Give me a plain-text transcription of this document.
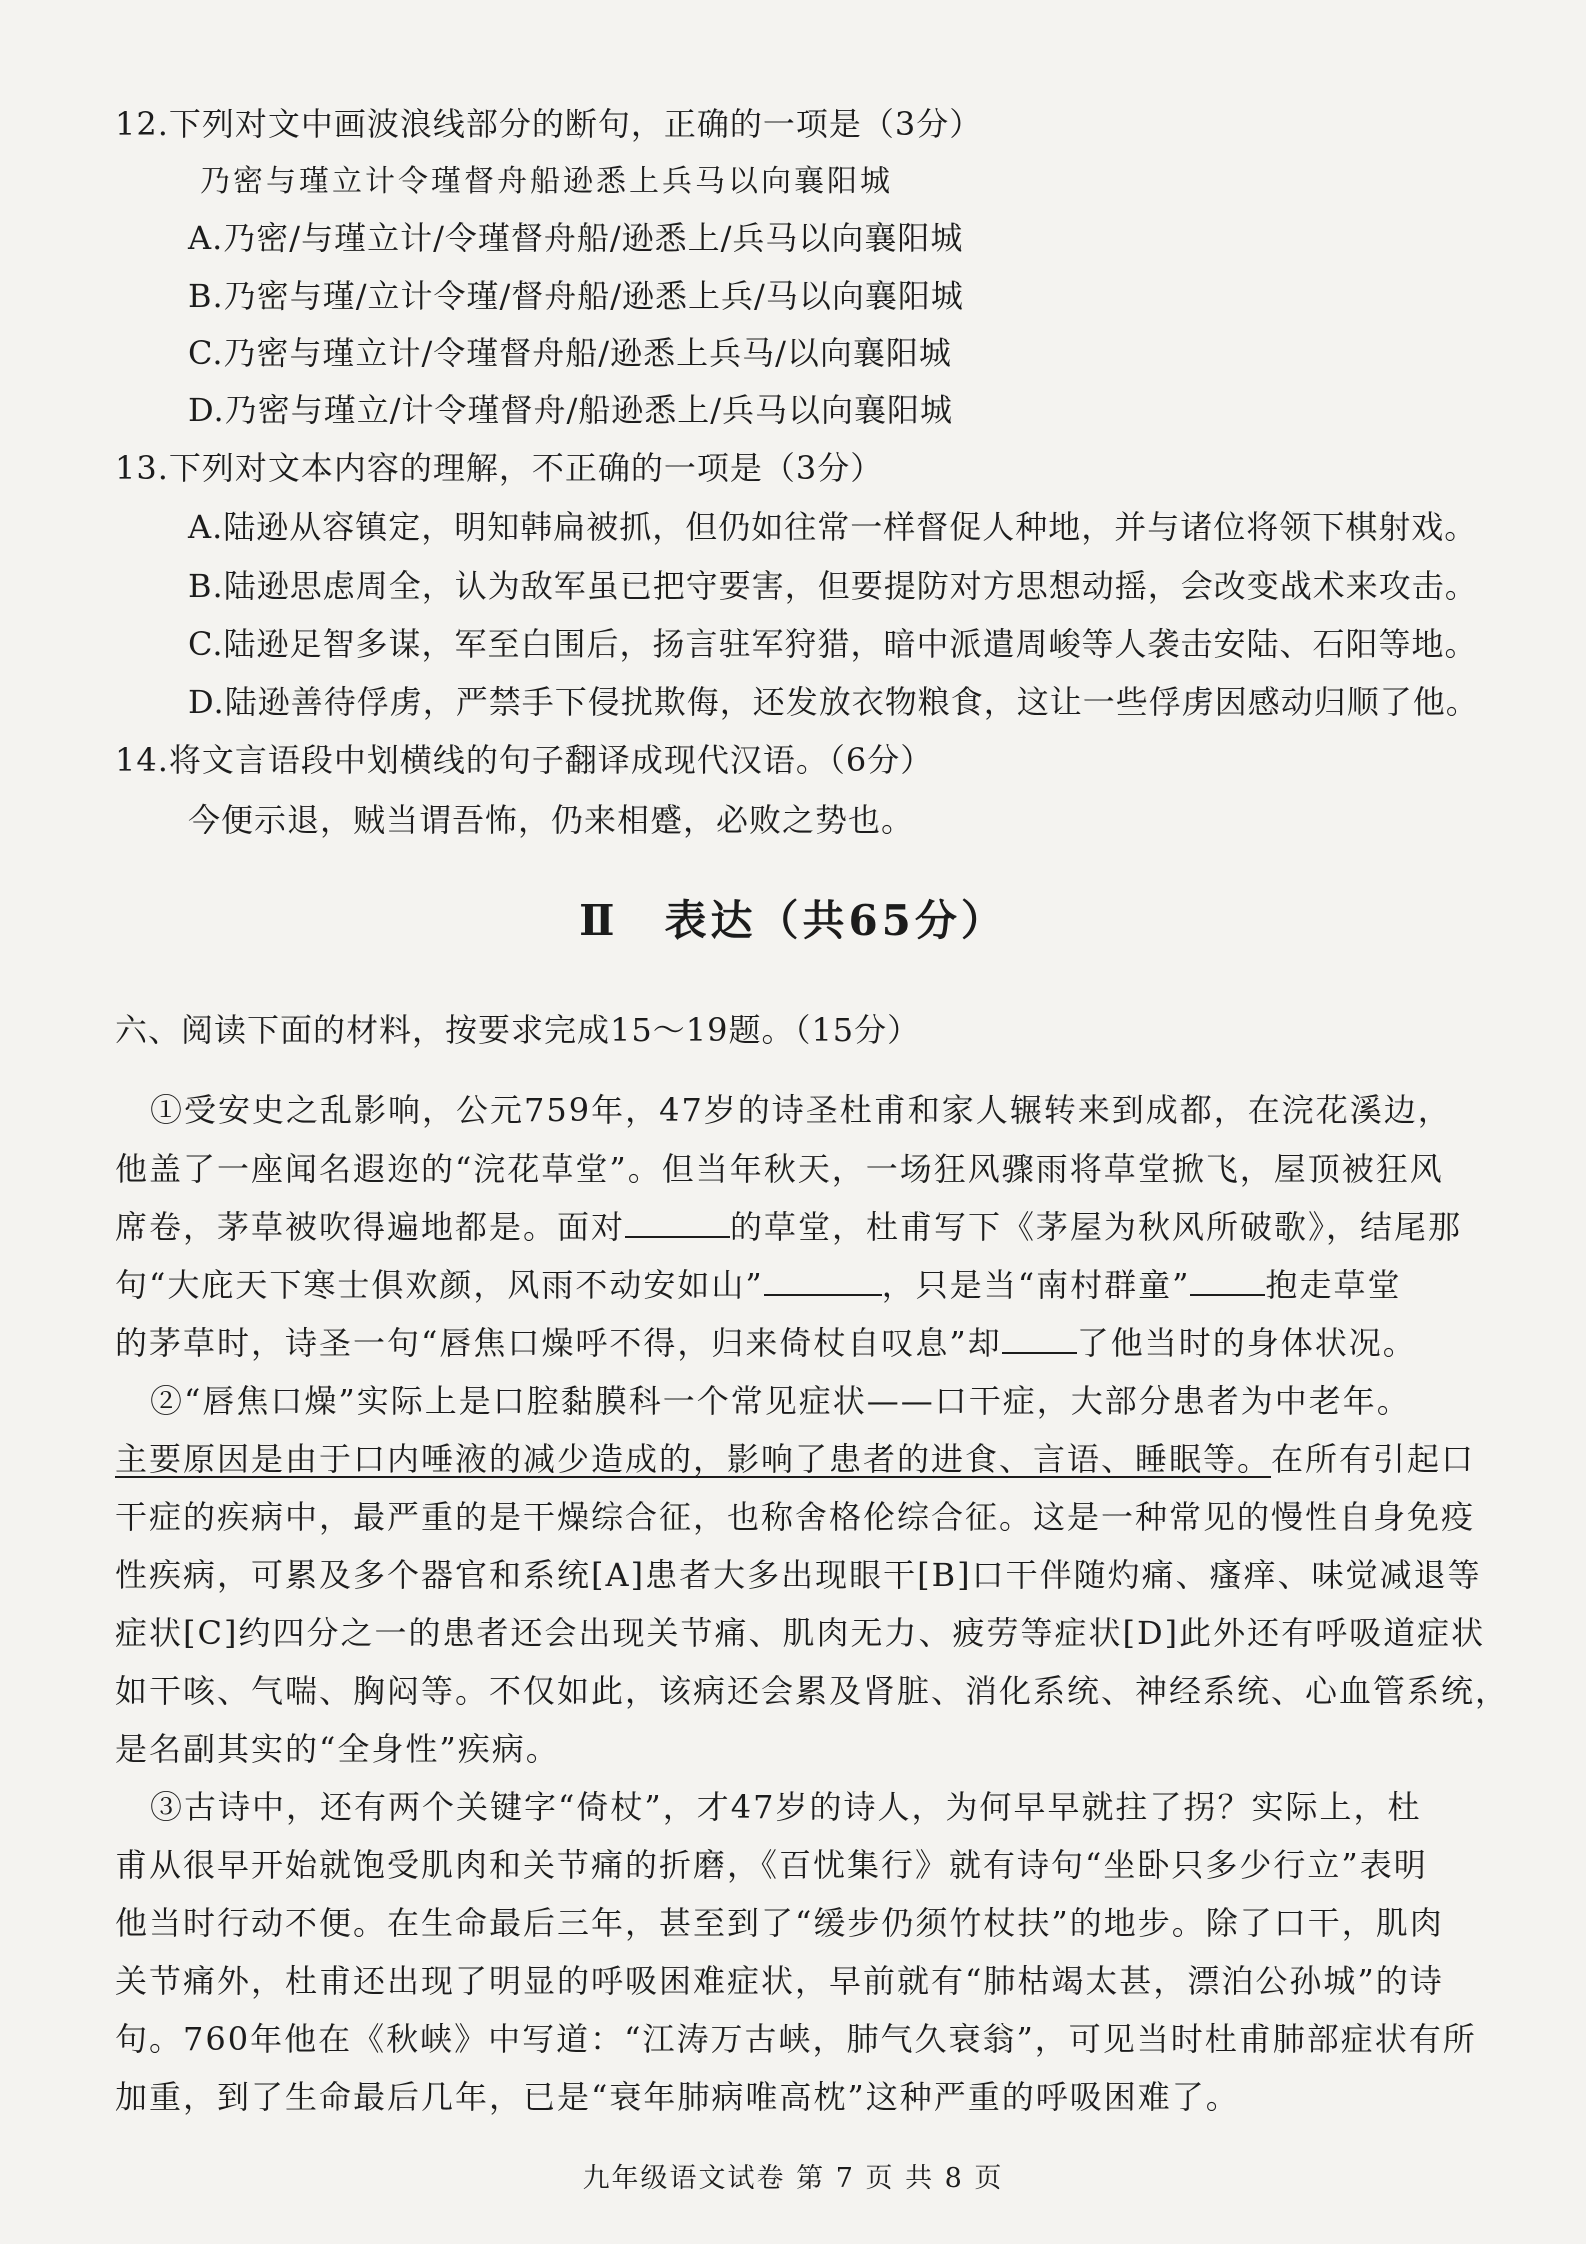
12.下列对文中画波浪线部分的断句，正确的一项是（3分）
乃密与瑾立计令瑾督舟船逊悉上兵马以向襄阳城
A.乃密/与瑾立计/令瑾督舟船/逊悉上/兵马以向襄阳城
B.乃密与瑾/立计令瑾/督舟船/逊悉上兵/马以向襄阳城
C.乃密与瑾立计/令瑾督舟船/逊悉上兵马/以向襄阳城
D.乃密与瑾立/计令瑾督舟/船逊悉上/兵马以向襄阳城
13.下列对文本内容的理解，不正确的一项是（3分）
A.陆逊从容镇定，明知韩扁被抓，但仍如往常一样督促人种地，并与诸位将领下棋射戏。
B.陆逊思虑周全，认为敌军虽已把守要害，但要提防对方思想动摇，会改变战术来攻击。
C.陆逊足智多谋，军至白围后，扬言驻军狩猎，暗中派遣周峻等人袭击安陆、石阳等地。
D.陆逊善待俘虏，严禁手下侵扰欺侮，还发放衣物粮食，这让一些俘虏因感动归顺了他。
14.将文言语段中划横线的句子翻译成现代汉语。（6分）
今便示退，贼当谓吾怖，仍来相蹙，必败之势也。
Ⅱ　表达（共65分）
六、阅读下面的材料，按要求完成15～19题。（15分）
①受安史之乱影响，公元759年，47岁的诗圣杜甫和家人辗转来到成都，在浣花溪边，
他盖了一座闻名遐迩的“浣花草堂”。但当年秋天，一场狂风骤雨将草堂掀飞，屋顶被狂风
席卷，茅草被吹得遍地都是。面对	的草堂，杜甫写下《茅屋为秋风所破歌》，结尾那
句“大庇天下寒士俱欢颜，风雨不动安如山”	，只是当“南村群童” 抱走草堂
的茅草时，诗圣一句“唇焦口燥呼不得，归来倚杖自叹息”却 了他当时的身体状况。
②“唇焦口燥”实际上是口腔黏膜科一个常见症状——口干症，大部分患者为中老年。
主要原因是由于口内唾液的减少造成的，影响了患者的进食、言语、睡眠等。在所有引起口
干症的疾病中，最严重的是干燥综合征，也称舍格伦综合征。这是一种常见的慢性自身免疫
性疾病，可累及多个器官和系统[A]患者大多出现眼干[B]口干伴随灼痛、瘙痒、味觉减退等
症状[C]约四分之一的患者还会出现关节痛、肌肉无力、疲劳等症状[D]此外还有呼吸道症状
如干咳、气喘、胸闷等。不仅如此，该病还会累及肾脏、消化系统、神经系统、心血管系统，
是名副其实的“全身性”疾病。
③古诗中，还有两个关键字“倚杖”，才47岁的诗人，为何早早就拄了拐？实际上，杜
甫从很早开始就饱受肌肉和关节痛的折磨，《百忧集行》就有诗句“坐卧只多少行立”表明
他当时行动不便。在生命最后三年，甚至到了“缓步仍须竹杖扶”的地步。除了口干，肌肉
关节痛外，杜甫还出现了明显的呼吸困难症状，早前就有“肺枯竭太甚，漂泊公孙城”的诗
句。760年他在《秋峡》中写道：“江涛万古峡，肺气久衰翁”，可见当时杜甫肺部症状有所
加重，到了生命最后几年，已是“衰年肺病唯高枕”这种严重的呼吸困难了。
九年级语文试卷 第 7 页 共 8 页
